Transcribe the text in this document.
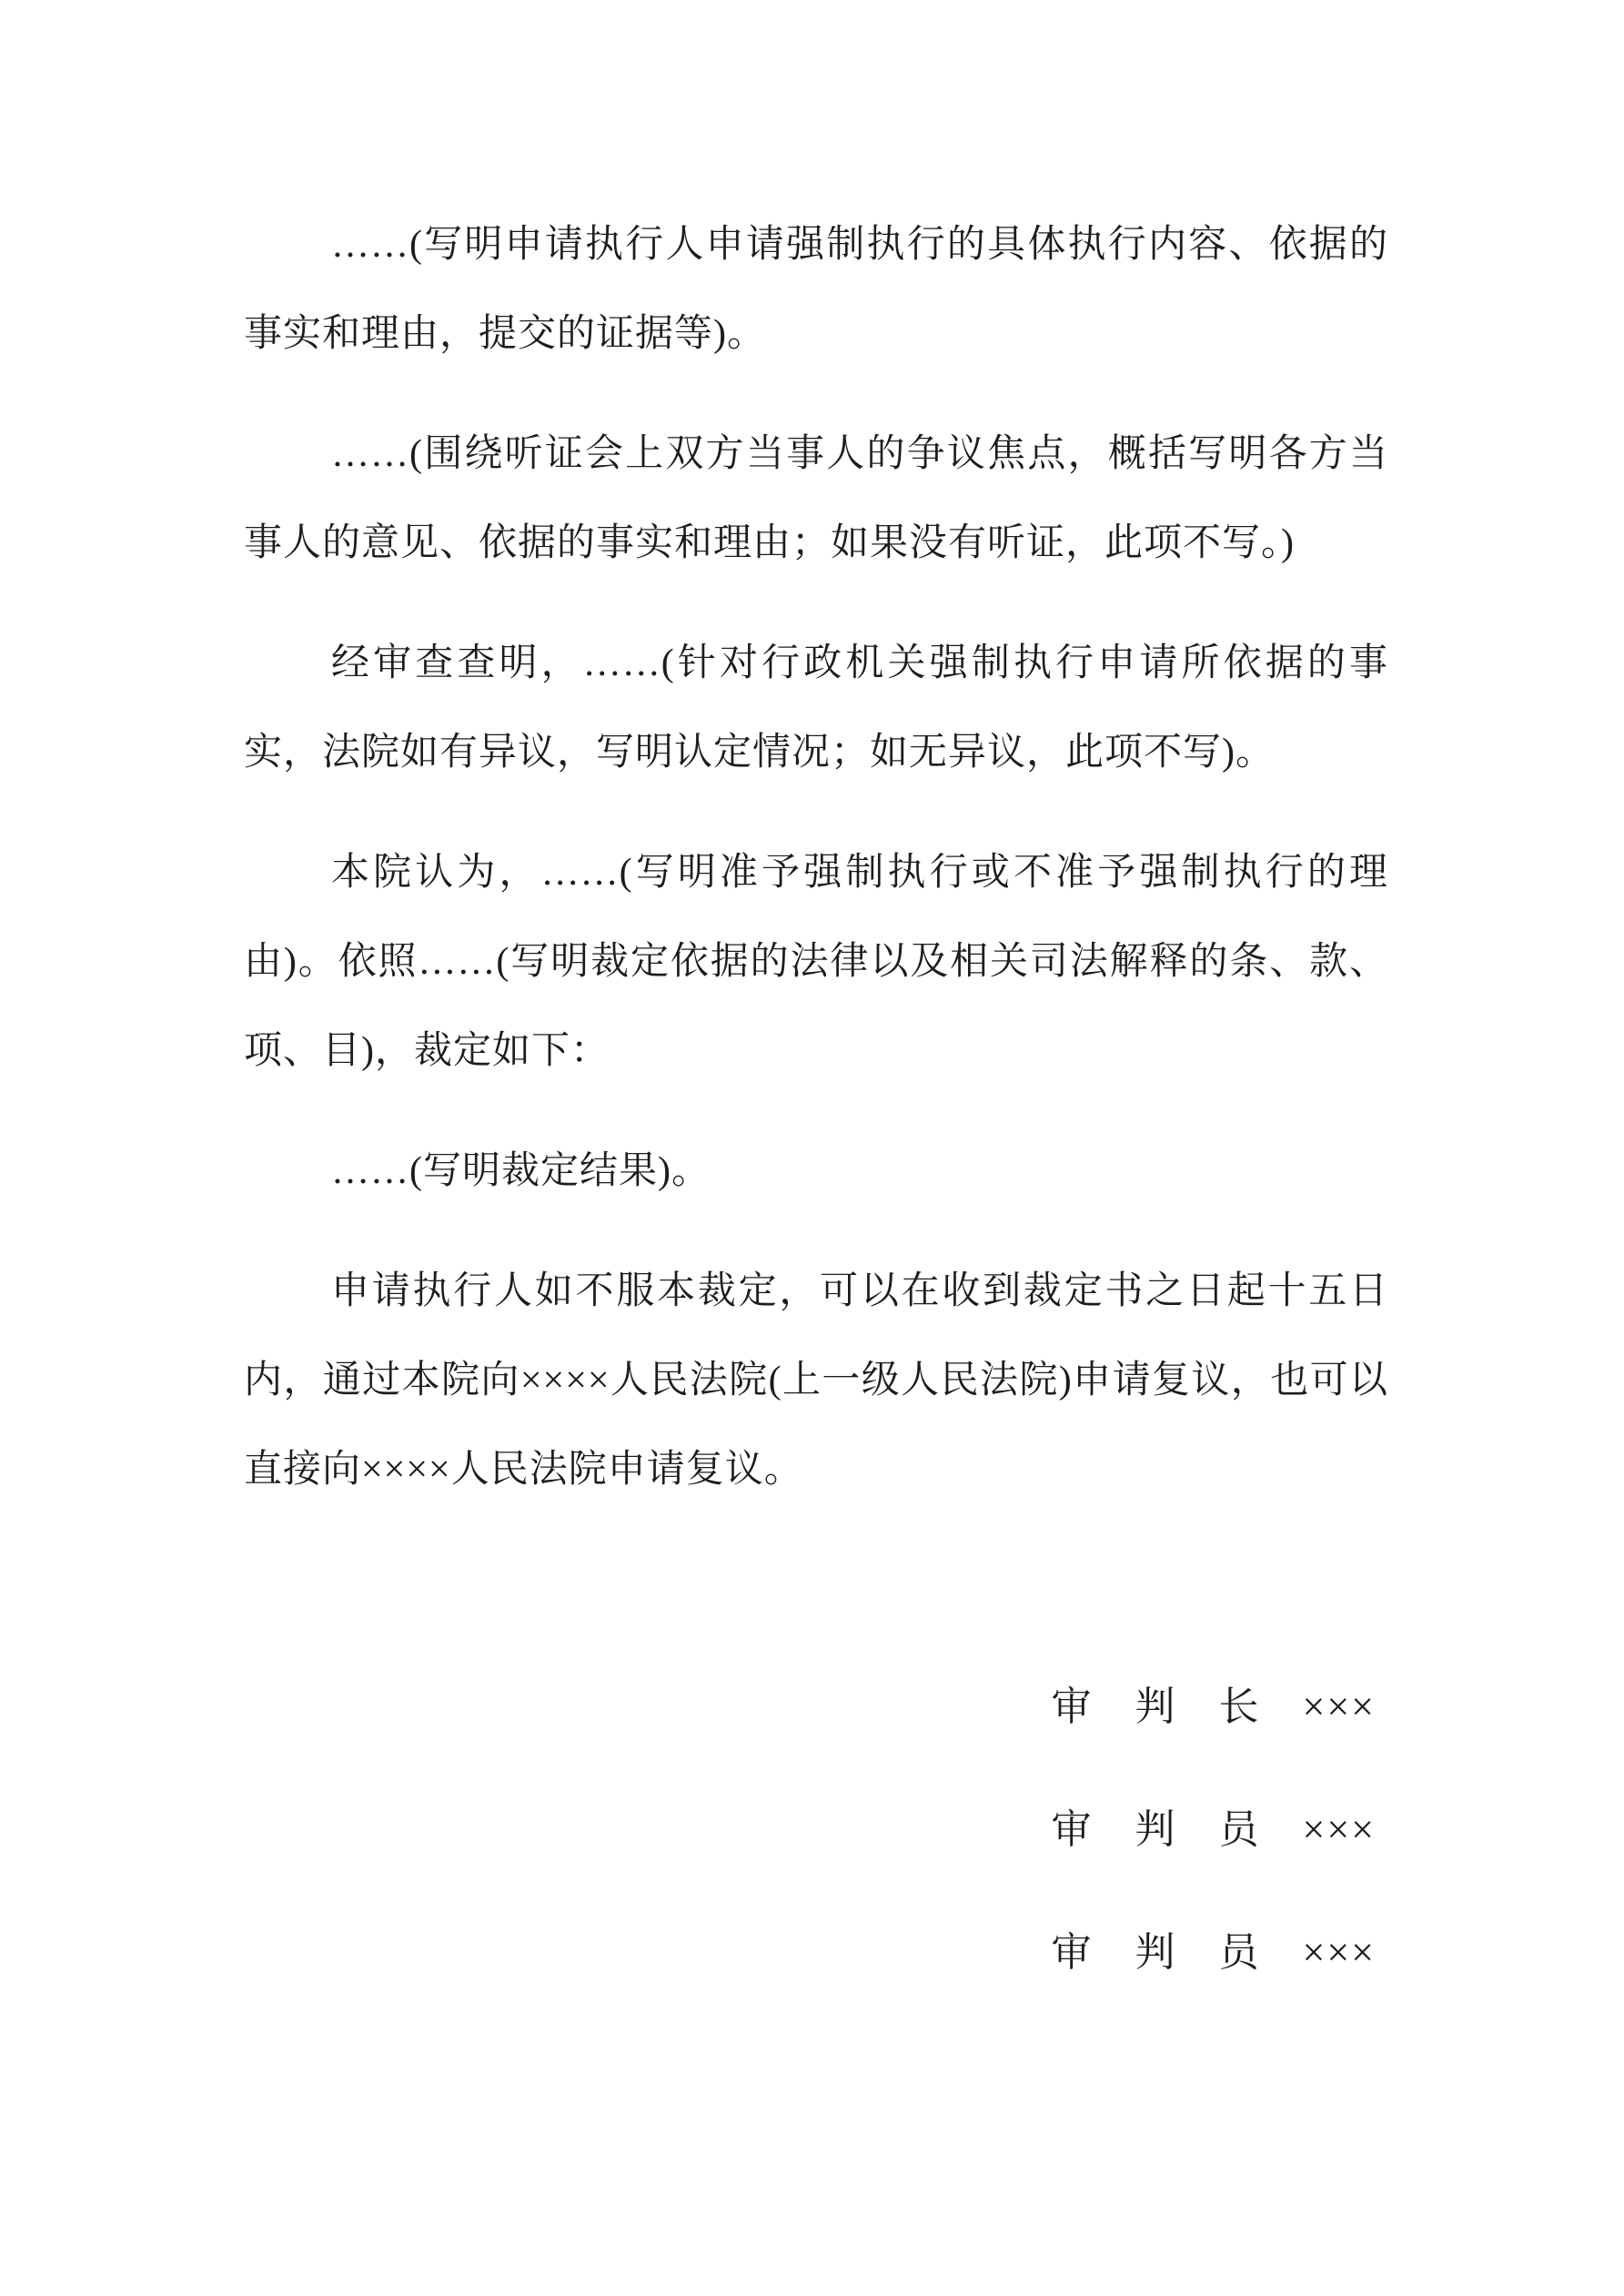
……(写明申请执行人申请强制执行的具体执行内容、依据的事实和理由，提交的证据等)。

……(围绕听证会上双方当事人的争议焦点，概括写明各方当事人的意见、依据的事实和理由；如果没有听证，此项不写。)

经审查查明，……(针对行政机关强制执行申请所依据的事实，法院如有异议，写明认定情况；如无异议，此项不写)。

本院认为，……(写明准予强制执行或不准予强制执行的理由)。依照……(写明裁定依据的法律以及相关司法解释的条、款、项、目)，裁定如下：

……(写明裁定结果)。

申请执行人如不服本裁定，可以在收到裁定书之日起十五日内，通过本院向××××人民法院(上一级人民法院)申请复议，也可以直接向××××人民法院申请复议。

审　判　长　×××
审　判　员　×××
审　判　员　×××
